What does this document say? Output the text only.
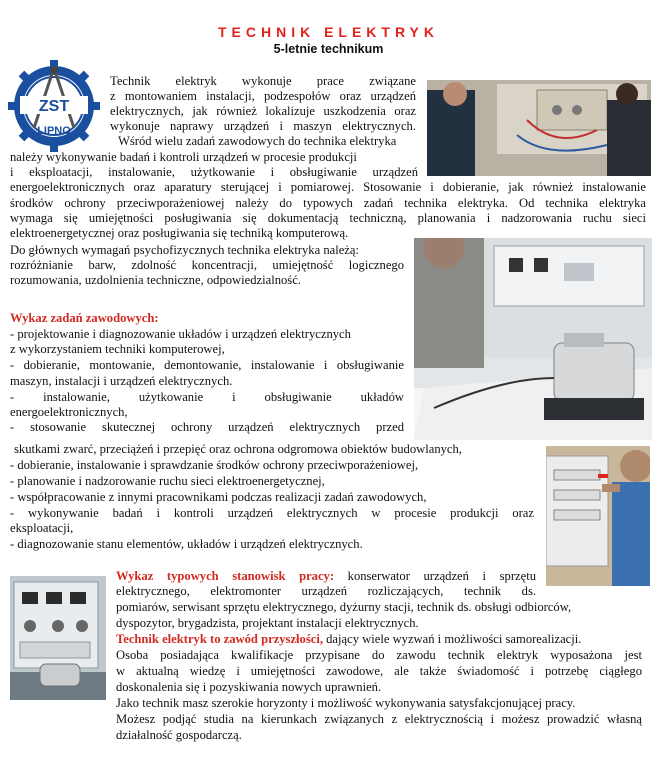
TECHNIK ELEKTRYK
5-letnie technikum
ZST
LIPNO
Technik elektryk wykonuje prace związane
z montowaniem instalacji, podzespołów oraz urządzeń
elektrycznych, jak również lokalizuje uszkodzenia oraz
wykonuje naprawy urządzeń i maszyn elektrycznych.
Wśród wielu zadań zawodowych do technika elektryka
należy wykonywanie badań i kontroli urządzeń w procesie produkcji
i eksploatacji, instalowanie, użytkowanie i obsługiwanie urządzeń
energoelektronicznych oraz aparatury sterującej i pomiarowej. Stosowanie i dobieranie, jak również instalowanie
środków ochrony przeciwporażeniowej należy do typowych zadań technika elektryka. Od technika elektryka
wymaga się umiejętności posługiwania się dokumentacją techniczną, planowania i nadzorowania ruchu sieci
elektroenergetycznej oraz posługiwania się techniką komputerową.
Do głównych wymagań psychofizycznych technika elektryka należą:
rozróżnianie barw, zdolność koncentracji, umiejętność logicznego
rozumowania, uzdolnienia techniczne, odpowiedzialność.
Wykaz zadań zawodowych:
- projektowanie i diagnozowanie układów i urządzeń elektrycznych
z wykorzystaniem techniki komputerowej,
- dobieranie, montowanie, demontowanie, instalowanie i obsługiwanie
maszyn, instalacji i urządzeń elektrycznych.
- instalowanie, użytkowanie i obsługiwanie układów
energoelektronicznych,
- stosowanie skutecznej ochrony urządzeń elektrycznych przed
skutkami zwarć, przeciążeń i przepięć oraz ochrona odgromowa obiektów budowlanych,
- dobieranie, instalowanie i sprawdzanie środków ochrony przeciwporażeniowej,
- planowanie i nadzorowanie ruchu sieci elektroenergetycznej,
- współpracowanie z innymi pracownikami podczas realizacji zadań zawodowych,
- wykonywanie badań i kontroli urządzeń elektrycznych w procesie produkcji oraz
eksploatacji,
- diagnozowanie stanu elementów, układów i urządzeń elektrycznych.
Wykaz typowych stanowisk pracy: konserwator urządzeń i sprzętu
elektrycznego, elektromonter urządzeń rozliczających, technik ds.
pomiarów, serwisant sprzętu elektrycznego, dyżurny stacji, technik ds. obsługi odbiorców,
dyspozytor, brygadzista, projektant instalacji elektrycznych.
Technik elektryk to zawód przyszłości, dający wiele wyzwań i możliwości samorealizacji.
Osoba posiadająca kwalifikacje przypisane do zawodu technik elektryk wyposażona jest
w aktualną wiedzę i umiejętności zawodowe, ale także świadomość i potrzebę ciągłego
doskonalenia się i pozyskiwania nowych uprawnień.
Jako technik masz szerokie horyzonty i możliwość wykonywania satysfakcjonującej pracy.
Możesz podjąć studia na kierunkach związanych z elektrycznością i możesz prowadzić własną
działalność gospodarczą.
